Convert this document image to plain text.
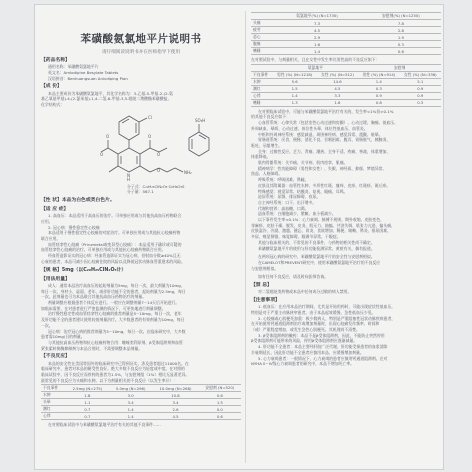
苯磺酸氨氯地平片说明书
请仔细阅读说明书并在医师指导下使用
【药品名称】
通用名称：苯磺酸氨氯地平片
英文名：Amlodipine Besylate Tablets
汉语拼音：Benhuangsuan Anlvdiping Pian
【成 份】
本品主要成份为苯磺酸氨氯地平，其化学名称为：3-乙基-5-甲基-2-(2-氨
基乙氧基甲基)-4-(2-氯苯基)-1,4-二氢-6-甲基-3,5-吡啶二羧酸酯苯磺酸盐，
化学结构式：
Cl
O	O
O	O
N
H
O	NH₂
SO₃H
分子式：C₂₀H₂₅ClN₂O₅·C₆H₆O₃S
分子量：567.1
【性 状】本品为白色或类白色片。
【适 应 症】
1. 高血压：本品适用于高血压的治疗。可单独应用或与其他抗高血压药物联合
应用。
2. 冠心病：慢性稳定性心绞痛
本品适用于慢性稳定性心绞痛的对症治疗。可单独应用或与其他抗心绞痛药物
联合应用。
血管痉挛性心绞痛（Prinzmetal或变异型心绞痛）：本品适用于确诊或可疑的
血管痉挛性心绞痛的治疗。可单独应用或与其他抗心绞痛药物联合应用。
经血管造影证实的冠心病：经血管造影证实为冠心病，但射血分数≥40%且无
心衰的患者，本品可减少因心绞痛住院的风险以及降低冠状动脉血管重建术的风险。
【规 格】5mg（以C₂₀H₂₅ClN₂O₅计）
【用法用量】
成人：通常本品治疗高血压的起始剂量为5mg，每日一次，最大剂量为10mg，
每日一次。身材小、虚弱、老年、或伴肝功能不全的患者，起始剂量为2.5mg，每日
一次。此剂量也可为本品联合其他抗高血压药物治疗的剂量。
剂量调整应根据患者个体反应进行。一般应在调整剂量7~14天后开始进行。
如临床需要，在对患者进行严密监测的情况下，可更快地进行剂量调整。
治疗慢性稳定性或血管痉挛性心绞痛的推荐剂量是5~10mg，每日一次，老年
及肝功能不全的患者建议使用较低剂量治疗。大多数患者的有效剂量为10mg，每日
一次。
冠心病：治疗冠心病的推荐剂量为5~10mg，每日一次。在临床研究中，大多数
患者需10mg/日的剂量。
与其他抗高血压药物和抗心绞痛药物合用：噻嗪类利尿剂、β受体阻滞剂和血管
紧张素转换酶抑制剂与本品合用时，不需要调整本品剂量。
【不良反应】
本品的安全性在美国等国外的临床研究中已得到证实，涉及患者超过11000名。在
临床研究中，患者对本品的耐受性良好。绝大多数不良反应为轻度或中度。在对照的
临床试验中，因不良反应而停药的患者为1.5%，与安慰剂组（1%）相比无显著差异。
最常见的不良反应为头痛和水肿。以下为剂量相关的不良反应（以发生率计）：
不良事件	2.5mg (N=275)	5.0mg (N=296)	10.0mg (N=268)	安慰剂 (N=520)
水肿	1.8	3.0	10.8	0.6
头晕	1.1	3.4	3.4	1.5
潮红	0.7	1.4	2.6	0.0
心悸	0.7	1.4	4.5	0.6
在对照临床试验中与苯磺酸氨氯地平治疗有关的其他不良事件……
	氨氯地平(%) (N=1730)	安慰剂(%) (N=1250)
头痛	7.3	7.8
疲劳	4.5	2.8
恶心	2.9	1.9
腹痛	1.6	0.3
嗜睡	1.4	0.6
在对照试验中，与剂量相关，且在女性中发生率比男性高的不良反应如下：
	氨氯地平		安慰剂	
不良事件	男性 (%) (N=1218)	女性 (%) (N=512)	男性 (%) (N=914)	女性 (%) (N=336)
水肿	5.6	14.6	1.4	5.1
潮红	1.5	4.5	0.3	0.9
心悸	1.4	3.3	0.9	0.9
嗜睡	1.3	1.6	0.8	0.3
在对照临床试验中，可能与苯磺酸氨氯地平治疗有关的，发生率<1%但>0.1%
的其他不良反应如下：
心血管系统：心律失常（包括室性心动过速和房颤）、心动过缓、胸痛、低血压、
外周缺血、晕厥、心动过速、体位性头晕、体位性低血压、血管炎。
中枢和外周神经系统：感觉减退、周围神经病、感觉异常、震颤、眩晕。
胃肠道系统：厌食、便秘、消化不良、吞咽困难、腹泻、胃肠胀气、胰腺炎、
呕吐、牙龈增生。
全身：过敏性反应、乏力、背痛、潮热、全身不适、疼痛、寒战、体重增加、
体重降低。
肌肉骨骼系统：关节痛、关节病、肌肉痉挛、肌痛。
精神病学：性功能障碍（男性和女性）、失眠、神经质、抑郁、梦境异常、
焦虑、人格障碍。
呼吸系统：呼吸困难、鼻衄。
皮肤及其附属器：血管性水肿、多形性红斑、瘙痒、皮疹、红斑疹、斑丘疹。
特殊感觉：视觉异常、结膜炎、复视、眼痛、耳鸣。
泌尿系统：尿频、排尿障碍、夜尿。
自主神经系统：口干、出汗增多。
代谢和营养：高血糖、口渴。
造血系统：白细胞减少、紫癜、血小板减少。
以下事件发生率<0.1%：心力衰竭、脉搏不规则、期外收缩、皮肤变色、
荨麻疹、皮肤干燥、脱发、皮炎、肌无力、抽搐、共济失调、肌张力亢进、偏头痛、
皮肤湿冷、冷漠、激越、健忘、胃炎、食欲增加、稀便、咳嗽、鼻炎、排尿困难、
多尿、嗅觉倒错、味觉障碍、眼调节异常、干眼症。
其他与临床相关的、不常见的不良事件，与药物的相关性尚不确定。
苯磺酸氨氯地平片的使用与肝功能检测异常、黄疸有关，偶有报道。
在两项冠心病的研究中，苯磺酸氨氯地平片的安全性与安慰剂相似。
在CAMELOT和PREVENT研究中，使用苯磺酸氨氯地平治疗的不良反应
与安慰剂相似。
如有任何不良反应，请及时向医师咨询。
【禁 忌】
对二氢吡啶类药物或本品中任何成分过敏的病人禁用。
【注意事项】
1. 低血压：在应用本品治疗期间，尤其是开始用药时，可能出现症状性低血压，
特别是对于严重主动脉狭窄患者。由于本品起效缓慢，急性低血压少见。
2. 心绞痛或心肌梗死加重：极少数病人，特别是严重阻塞性冠状动脉疾病患者，
在开始使用钙通道阻滞剂治疗或增加剂量时，出现心绞痛发作频率、时间和
（或）严重程度增加，或发生急性心肌梗死。其机理尚不清楚。
3. β受体阻滞剂的撤药：本品不是β受体阻滞剂，因此，不能防止突然停用
β受体阻滞剂可能带来的风险，停用β受体阻滞剂应逐渐减量。
4. 肝功能不全患者：本品主要经肝脏广泛代谢，肝功能受损患者的血浆消除
半衰期延长，因此肝功能不全患者应慎用本品，应缓慢增加剂量。
5. 心力衰竭患者：一般情况下，心力衰竭的患者应慎用钙通道阻滞剂。在对
NYHA II~IV级心力衰竭患者的研究中，本品不增加死亡率。
